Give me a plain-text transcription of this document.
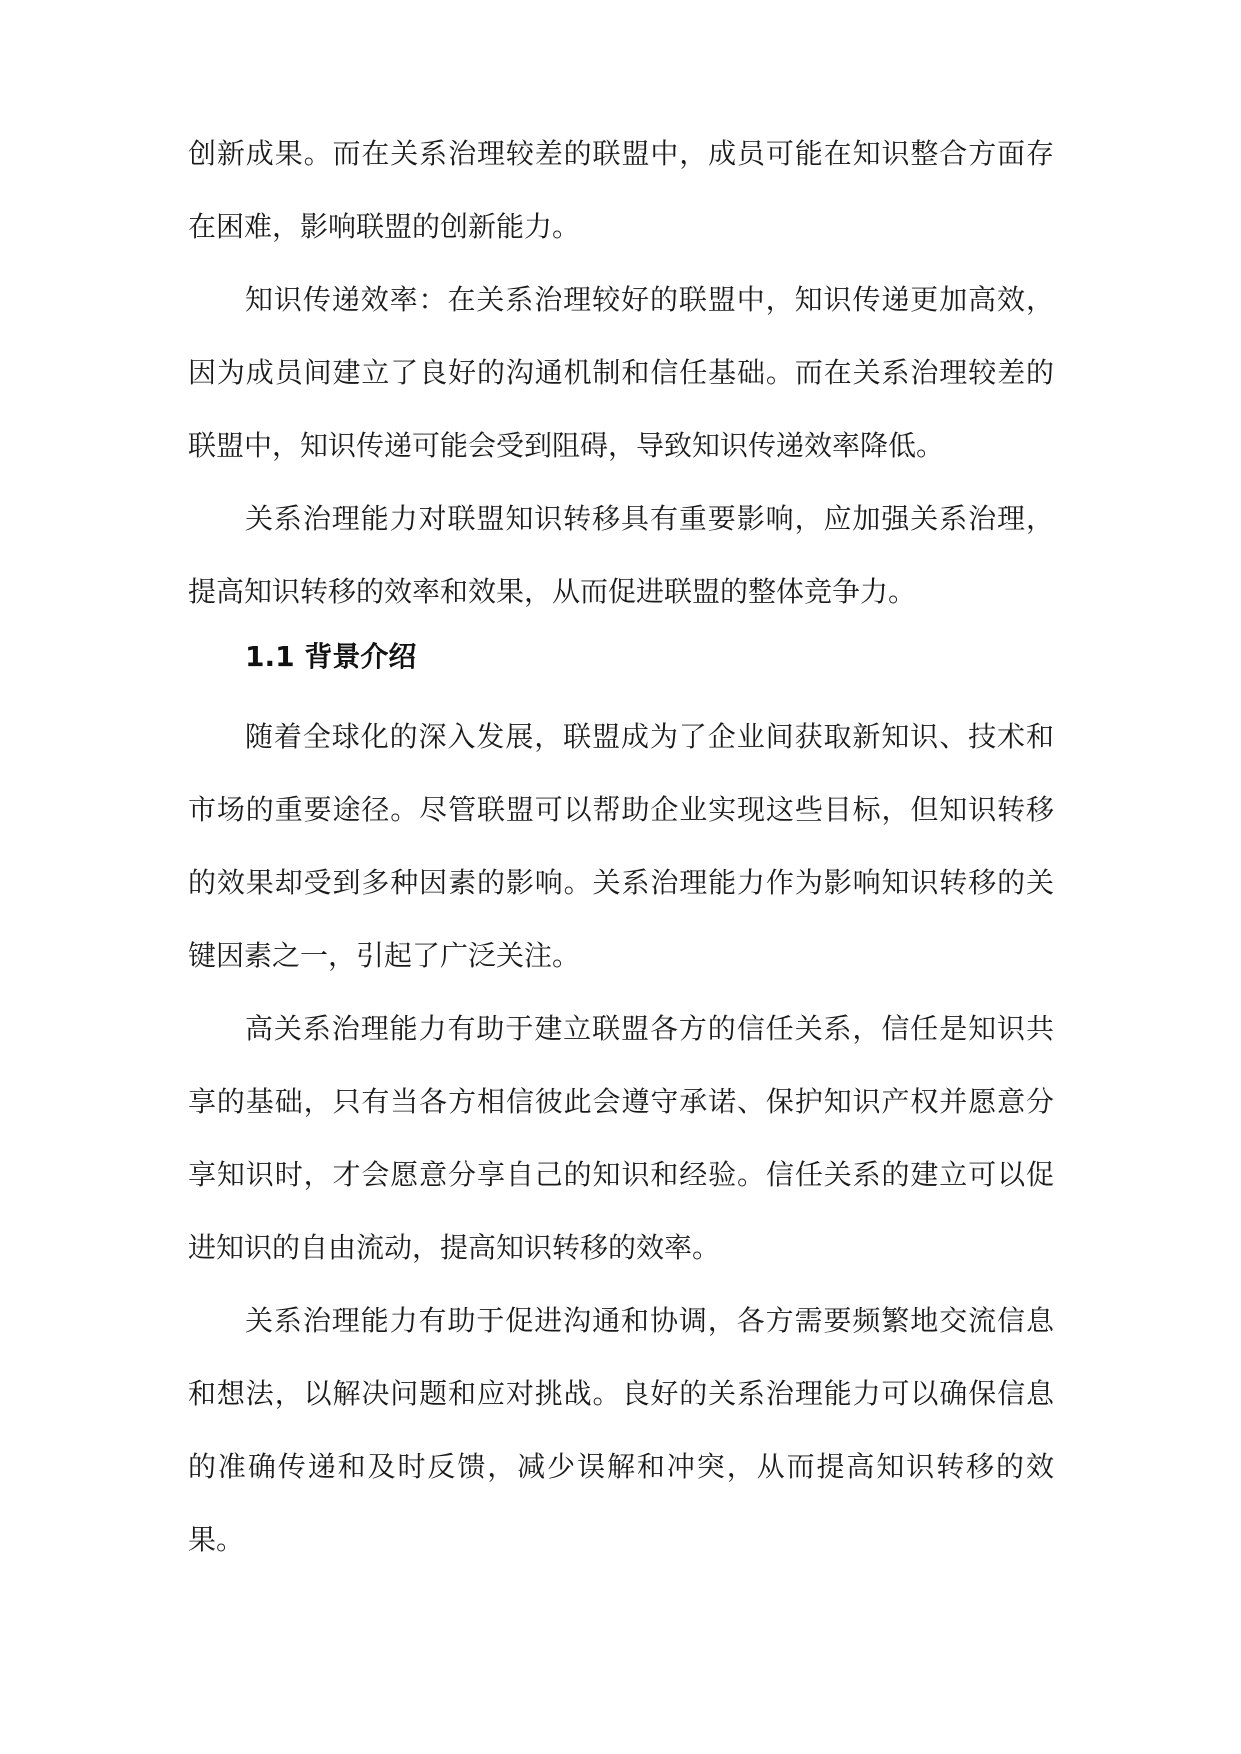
创新成果。而在关系治理较差的联盟中，成员可能在知识整合方面存在困难，影响联盟的创新能力。

知识传递效率：在关系治理较好的联盟中，知识传递更加高效，因为成员间建立了良好的沟通机制和信任基础。而在关系治理较差的联盟中，知识传递可能会受到阻碍，导致知识传递效率降低。

关系治理能力对联盟知识转移具有重要影响，应加强关系治理，提高知识转移的效率和效果，从而促进联盟的整体竞争力。

1.1 背景介绍

随着全球化的深入发展，联盟成为了企业间获取新知识、技术和市场的重要途径。尽管联盟可以帮助企业实现这些目标，但知识转移的效果却受到多种因素的影响。关系治理能力作为影响知识转移的关键因素之一，引起了广泛关注。

高关系治理能力有助于建立联盟各方的信任关系，信任是知识共享的基础，只有当各方相信彼此会遵守承诺、保护知识产权并愿意分享知识时，才会愿意分享自己的知识和经验。信任关系的建立可以促进知识的自由流动，提高知识转移的效率。

关系治理能力有助于促进沟通和协调，各方需要频繁地交流信息和想法，以解决问题和应对挑战。良好的关系治理能力可以确保信息的准确传递和及时反馈，减少误解和冲突，从而提高知识转移的效果。
